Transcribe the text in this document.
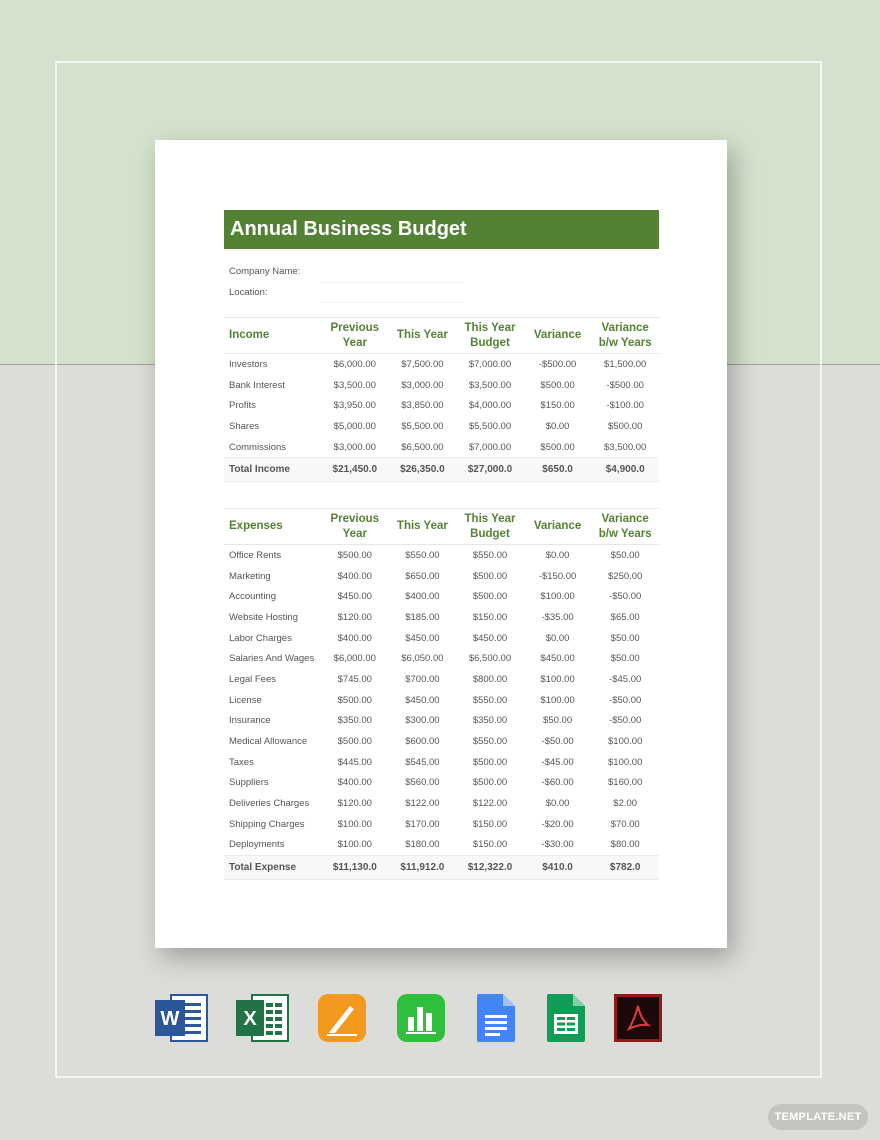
Annual Business Budget
Company Name:
Location:
Income	Previous Year	This Year	This Year Budget	Variance	Variance b/w Years
Investors	$6,000.00	$7,500.00	$7,000.00	-$500.00	$1,500.00
Bank Interest	$3,500.00	$3,000.00	$3,500.00	$500.00	-$500.00
Profits	$3,950.00	$3,850.00	$4,000.00	$150.00	-$100.00
Shares	$5,000.00	$5,500.00	$5,500.00	$0.00	$500.00
Commissions	$3,000.00	$6,500.00	$7,000.00	$500.00	$3,500.00
Total Income	$21,450.0	$26,350.0	$27,000.0	$650.0	$4,900.0
Expenses	Previous Year	This Year	This Year Budget	Variance	Variance b/w Years
Office Rents	$500.00	$550.00	$550.00	$0.00	$50.00
Marketing	$400.00	$650.00	$500.00	-$150.00	$250.00
Accounting	$450.00	$400.00	$500.00	$100.00	-$50.00
Website Hosting	$120.00	$185.00	$150.00	-$35.00	$65.00
Labor Charges	$400.00	$450.00	$450.00	$0.00	$50.00
Salaries And Wages	$6,000.00	$6,050.00	$6,500.00	$450.00	$50.00
Legal Fees	$745.00	$700.00	$800.00	$100.00	-$45.00
License	$500.00	$450.00	$550.00	$100.00	-$50.00
Insurance	$350.00	$300.00	$350.00	$50.00	-$50.00
Medical Allowance	$500.00	$600.00	$550.00	-$50.00	$100.00
Taxes	$445.00	$545.00	$500.00	-$45.00	$100.00
Suppliers	$400.00	$560.00	$500.00	-$60.00	$160.00
Deliveries Charges	$120.00	$122.00	$122.00	$0.00	$2.00
Shipping Charges	$100.00	$170.00	$150.00	-$20.00	$70.00
Deployments	$100.00	$180.00	$150.00	-$30.00	$80.00
Total Expense	$11,130.0	$11,912.0	$12,322.0	$410.0	$782.0
W	X
TEMPLATE.NET
